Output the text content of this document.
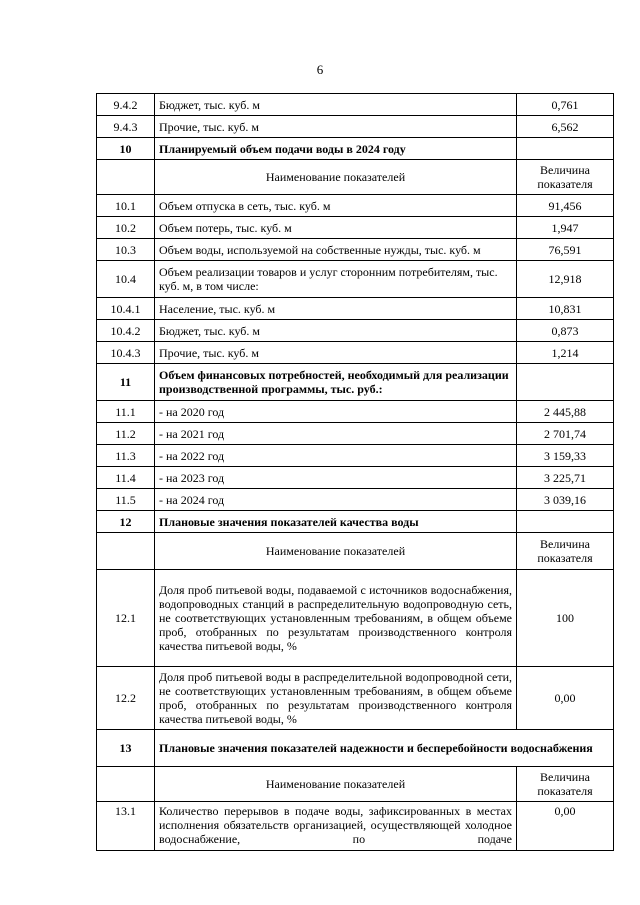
6
9.4.2	Бюджет, тыс. куб. м	0,761
9.4.3	Прочие, тыс. куб. м	6,562
10	Планируемый объем подачи воды в 2024 году	
	Наименование показателей	Величина показателя
10.1	Объем отпуска в сеть, тыс. куб. м	91,456
10.2	Объем потерь, тыс. куб. м	1,947
10.3	Объем воды, используемой на собственные нужды, тыс. куб. м	76,591
10.4	Объем реализации товаров и услуг сторонним потребителям, тыс. куб. м, в том числе:	12,918
10.4.1	Население, тыс. куб. м	10,831
10.4.2	Бюджет, тыс. куб. м	0,873
10.4.3	Прочие, тыс. куб. м	1,214
11	Объем финансовых потребностей, необходимый для реализации производственной программы, тыс. руб.:	
11.1	- на 2020 год	2 445,88
11.2	- на 2021 год	2 701,74
11.3	- на 2022 год	3 159,33
11.4	- на 2023 год	3 225,71
11.5	- на 2024 год	3 039,16
12	Плановые значения показателей качества воды	
	Наименование показателей	Величина показателя
12.1	Доля проб питьевой воды, подаваемой с источников водоснабжения, водопроводных станций в распределительную водопроводную сеть, не соответствующих установленным требованиям, в общем объеме проб, отобранных по результатам производственного контроля качества питьевой воды, %	100
12.2	Доля проб питьевой воды в распределительной водопроводной сети, не соответствующих установленным требованиям, в общем объеме проб, отобранных по результатам производственного контроля качества питьевой воды, %	0,00
13	Плановые значения показателей надежности и бесперебойности водоснабжения	
	Наименование показателей	Величина показателя
13.1	Количество перерывов в подаче воды, зафиксированных в местах исполнения обязательств организацией, осуществляющей холодное водоснабжение, по подаче	0,00
